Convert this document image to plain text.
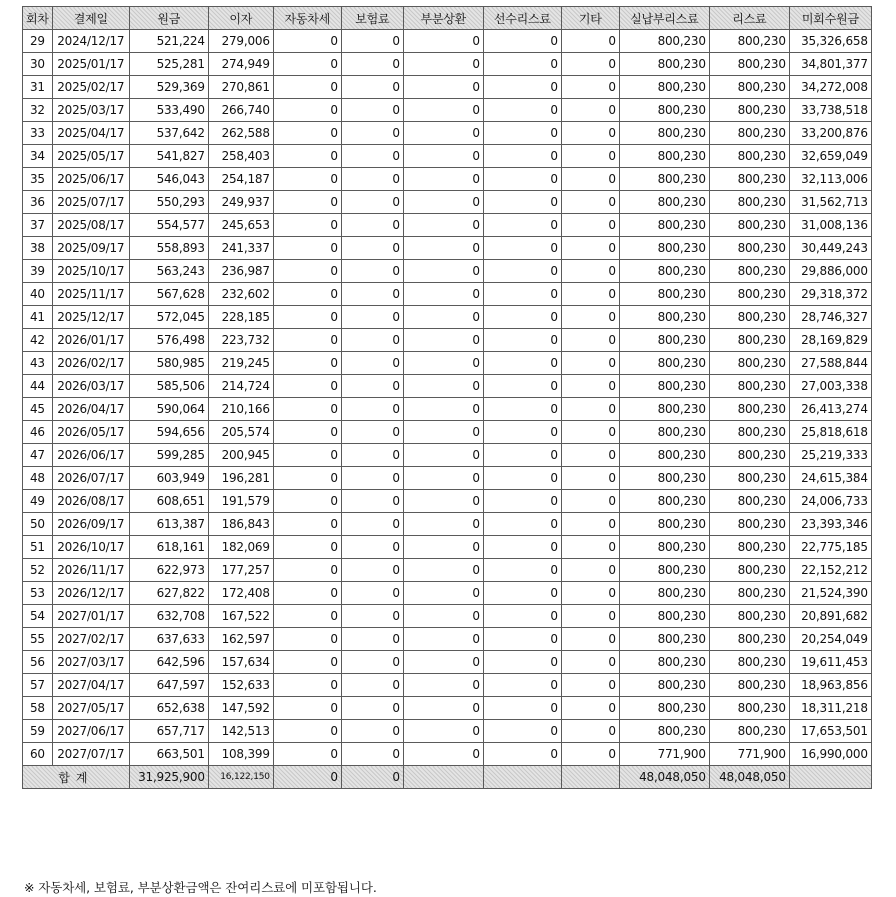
회차	결제일	원금	이자	자동차세	보험료	부분상환	선수리스료	기타	실납부리스료	리스료	미회수원금
29	2024/12/17	521,224	279,006	0	0	0	0	0	800,230	800,230	35,326,658
30	2025/01/17	525,281	274,949	0	0	0	0	0	800,230	800,230	34,801,377
31	2025/02/17	529,369	270,861	0	0	0	0	0	800,230	800,230	34,272,008
32	2025/03/17	533,490	266,740	0	0	0	0	0	800,230	800,230	33,738,518
33	2025/04/17	537,642	262,588	0	0	0	0	0	800,230	800,230	33,200,876
34	2025/05/17	541,827	258,403	0	0	0	0	0	800,230	800,230	32,659,049
35	2025/06/17	546,043	254,187	0	0	0	0	0	800,230	800,230	32,113,006
36	2025/07/17	550,293	249,937	0	0	0	0	0	800,230	800,230	31,562,713
37	2025/08/17	554,577	245,653	0	0	0	0	0	800,230	800,230	31,008,136
38	2025/09/17	558,893	241,337	0	0	0	0	0	800,230	800,230	30,449,243
39	2025/10/17	563,243	236,987	0	0	0	0	0	800,230	800,230	29,886,000
40	2025/11/17	567,628	232,602	0	0	0	0	0	800,230	800,230	29,318,372
41	2025/12/17	572,045	228,185	0	0	0	0	0	800,230	800,230	28,746,327
42	2026/01/17	576,498	223,732	0	0	0	0	0	800,230	800,230	28,169,829
43	2026/02/17	580,985	219,245	0	0	0	0	0	800,230	800,230	27,588,844
44	2026/03/17	585,506	214,724	0	0	0	0	0	800,230	800,230	27,003,338
45	2026/04/17	590,064	210,166	0	0	0	0	0	800,230	800,230	26,413,274
46	2026/05/17	594,656	205,574	0	0	0	0	0	800,230	800,230	25,818,618
47	2026/06/17	599,285	200,945	0	0	0	0	0	800,230	800,230	25,219,333
48	2026/07/17	603,949	196,281	0	0	0	0	0	800,230	800,230	24,615,384
49	2026/08/17	608,651	191,579	0	0	0	0	0	800,230	800,230	24,006,733
50	2026/09/17	613,387	186,843	0	0	0	0	0	800,230	800,230	23,393,346
51	2026/10/17	618,161	182,069	0	0	0	0	0	800,230	800,230	22,775,185
52	2026/11/17	622,973	177,257	0	0	0	0	0	800,230	800,230	22,152,212
53	2026/12/17	627,822	172,408	0	0	0	0	0	800,230	800,230	21,524,390
54	2027/01/17	632,708	167,522	0	0	0	0	0	800,230	800,230	20,891,682
55	2027/02/17	637,633	162,597	0	0	0	0	0	800,230	800,230	20,254,049
56	2027/03/17	642,596	157,634	0	0	0	0	0	800,230	800,230	19,611,453
57	2027/04/17	647,597	152,633	0	0	0	0	0	800,230	800,230	18,963,856
58	2027/05/17	652,638	147,592	0	0	0	0	0	800,230	800,230	18,311,218
59	2027/06/17	657,717	142,513	0	0	0	0	0	800,230	800,230	17,653,501
60	2027/07/17	663,501	108,399	0	0	0	0	0	771,900	771,900	16,990,000
합계		31,925,900	16,122,150	0	0				48,048,050	48,048,050	
※ 자동차세, 보험료, 부분상환금액은 잔여리스료에 미포함됩니다.
